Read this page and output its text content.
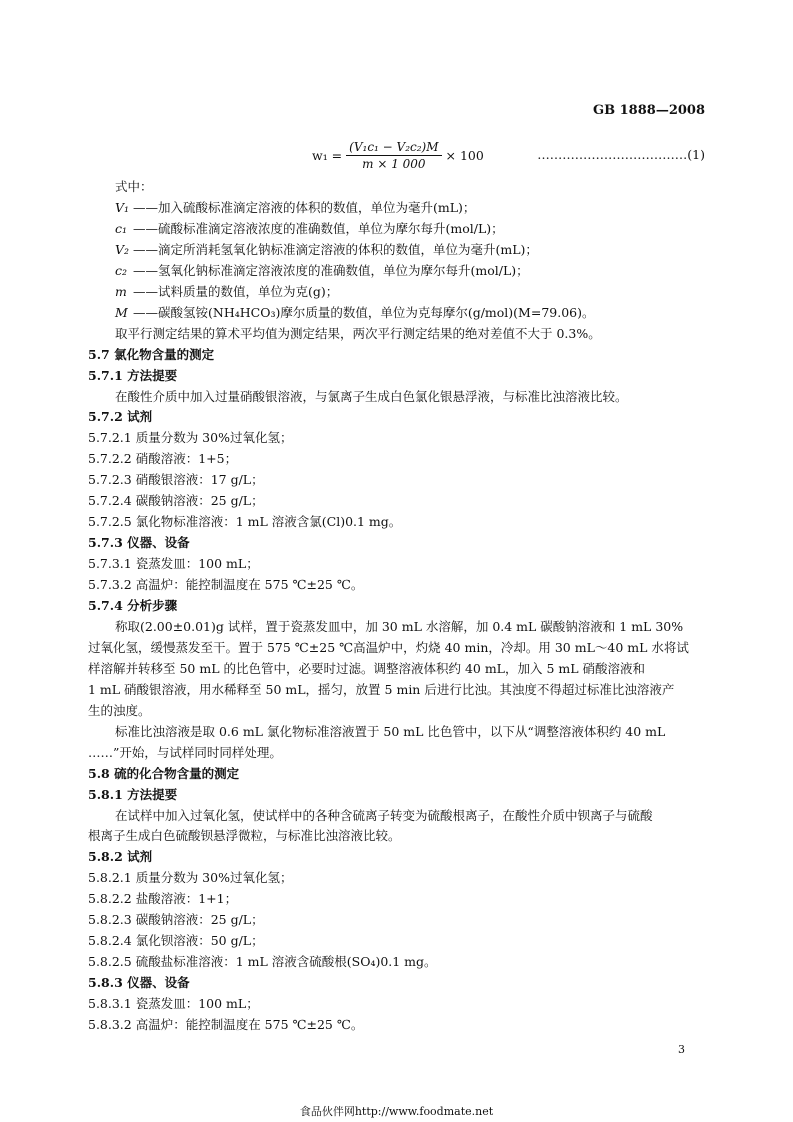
GB 1888—2008
$w_1 = \frac{\text{(V₁c₁ − V₂c₂)M}}{m \times 1 000} \times 100$	………………………………(1)
式中：
V₁ ——加入硫酸标准滴定溶液的体积的数值，单位为毫升(mL)；
c₁ ——硫酸标准滴定溶液浓度的准确数值，单位为摩尔每升(mol/L)；
V₂ ——滴定所消耗氢氧化钠标准滴定溶液的体积的数值，单位为毫升(mL)；
c₂ ——氢氧化钠标准滴定溶液浓度的准确数值，单位为摩尔每升(mol/L)；
m ——试料质量的数值，单位为克(g)；
M ——碳酸氢铵(NH₄HCO₃)摩尔质量的数值，单位为克每摩尔(g/mol)(M=79.06)。
取平行测定结果的算术平均值为测定结果，两次平行测定结果的绝对差值不大于 0.3%。
5.7 氯化物含量的测定
5.7.1 方法提要
在酸性介质中加入过量硝酸银溶液，与氯离子生成白色氯化银悬浮液，与标准比浊溶液比较。
5.7.2 试剂
5.7.2.1 质量分数为 30%过氧化氢；
5.7.2.2 硝酸溶液：1+5；
5.7.2.3 硝酸银溶液：17 g/L；
5.7.2.4 碳酸钠溶液：25 g/L；
5.7.2.5 氯化物标准溶液：1 mL 溶液含氯(Cl)0.1 mg。
5.7.3 仪器、设备
5.7.3.1 瓷蒸发皿：100 mL；
5.7.3.2 高温炉：能控制温度在 575 ℃±25 ℃。
5.7.4 分析步骤
称取(2.00±0.01)g 试样，置于瓷蒸发皿中，加 30 mL 水溶解，加 0.4 mL 碳酸钠溶液和 1 mL 30%
过氧化氢，缓慢蒸发至干。置于 575 ℃±25 ℃高温炉中，灼烧 40 min，冷却。用 30 mL～40 mL 水将试
样溶解并转移至 50 mL 的比色管中，必要时过滤。调整溶液体积约 40 mL，加入 5 mL 硝酸溶液和
1 mL 硝酸银溶液，用水稀释至 50 mL，摇匀，放置 5 min 后进行比浊。其浊度不得超过标准比浊溶液产
生的浊度。
标准比浊溶液是取 0.6 mL 氯化物标准溶液置于 50 mL 比色管中，以下从“调整溶液体积约 40 mL
……”开始，与试样同时同样处理。
5.8 硫的化合物含量的测定
5.8.1 方法提要
在试样中加入过氧化氢，使试样中的各种含硫离子转变为硫酸根离子，在酸性介质中钡离子与硫酸
根离子生成白色硫酸钡悬浮微粒，与标准比浊溶液比较。
5.8.2 试剂
5.8.2.1 质量分数为 30%过氧化氢；
5.8.2.2 盐酸溶液：1+1；
5.8.2.3 碳酸钠溶液：25 g/L；
5.8.2.4 氯化钡溶液：50 g/L；
5.8.2.5 硫酸盐标准溶液：1 mL 溶液含硫酸根(SO₄)0.1 mg。
5.8.3 仪器、设备
5.8.3.1 瓷蒸发皿：100 mL；
5.8.3.2 高温炉：能控制温度在 575 ℃±25 ℃。
3
食品伙伴网http://www.foodmate.net
